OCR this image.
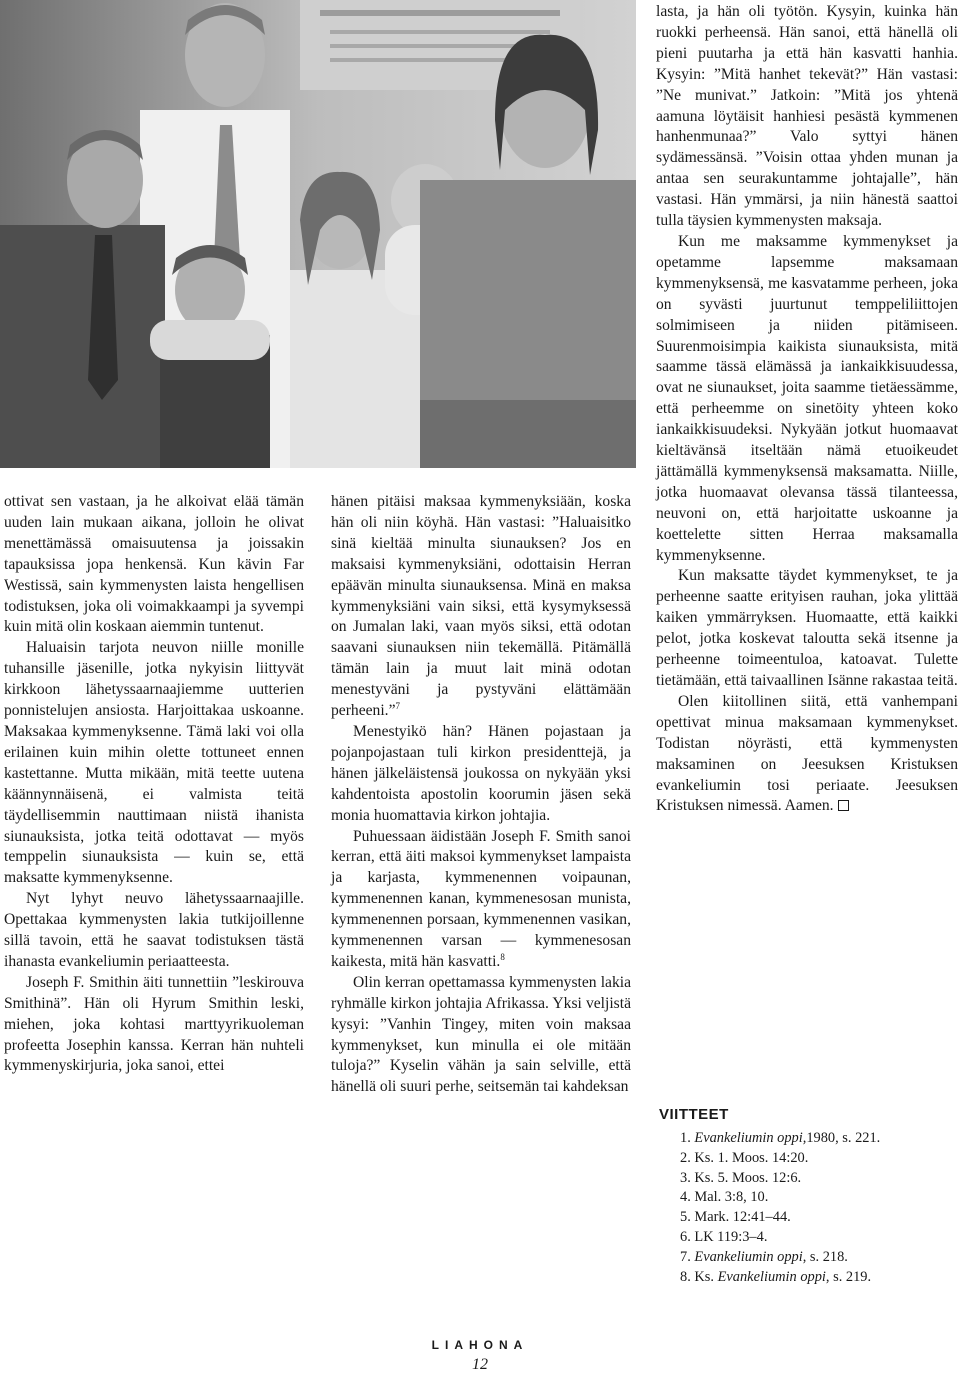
ottivat sen vastaan, ja he alkoivat elää tämän uuden lain mukaan aikana, jolloin he olivat menettämässä omaisuutensa ja joissakin tapauksissa jopa henkensä. Kun kävin Far Westissä, sain kymmenysten laista hengellisen todistuksen, joka oli voimakkaampi ja syvempi kuin mitä olin koskaan aiemmin tuntenut.

Haluaisin tarjota neuvon niille monille tuhansille jäsenille, jotka nykyisin liittyvät kirkkoon lähetyssaarnaajiemme uutterien ponnistelujen ansiosta. Harjoittakaa uskoanne. Maksakaa kymmenyksenne. Tämä laki voi olla erilainen kuin mihin olette tottuneet ennen kastettanne. Mutta mikään, mitä teette uutena käännynnäisenä, ei valmista teitä täydellisemmin nauttimaan niistä ihanista siunauksista, jotka teitä odottavat — myös temppelin siunauksista — kuin se, että maksatte kymmenyksenne.

Nyt lyhyt neuvo lähetyssaarnaajille. Opettakaa kymmenysten lakia tutkijoillenne sillä tavoin, että he saavat todistuksen tästä ihanasta evankeliumin periaatteesta.

Joseph F. Smithin äiti tunnettiin ”leskirouva Smithinä”. Hän oli Hyrum Smithin leski, miehen, joka kohtasi marttyyrikuoleman profeetta Josephin kanssa. Kerran hän nuhteli kymmenyskirjuria, joka sanoi, ettei

hänen pitäisi maksaa kymmenyksiään, koska hän oli niin köyhä. Hän vastasi: ”Haluaisitko sinä kieltää minulta siunauksen? Jos en maksaisi kymmenyksiäni, odottaisin Herran epäävän minulta siunauksensa. Minä en maksa kymmenyksiäni vain siksi, että kysymyksessä on Jumalan laki, vaan myös siksi, että odotan saavani siunauksen niin tekemällä. Pitämällä tämän lain ja muut lait minä odotan menestyväni ja pystyväni elättämään perheeni.”$^7$

Menestyikö hän? Hänen pojastaan ja pojanpojastaan tuli kirkon presidenttejä, ja hänen jälkeläistensä joukossa on nykyään yksi kahdentoista apostolin koorumin jäsen sekä monia huomattavia kirkon johtajia.

Puhuessaan äidistään Joseph F. Smith sanoi kerran, että äiti maksoi kymmenykset lampaista ja karjasta, kymmenennen voipaunan, kymmenennen kanan, kymmenesosan munista, kymmenennen porsaan, kymmenennen vasikan, kymmenennen varsan — kymmenesosan kaikesta, mitä hän kasvatti.$^8$

Olin kerran opettamassa kymmenysten lakia ryhmälle kirkon johtajia Afrikassa. Yksi veljistä kysyi: ”Vanhin Tingey, miten voin maksaa kymmenykset, kun minulla ei ole mitään tuloja?” Kyselin vähän ja sain selville, että hänellä oli suuri perhe, seitsemän tai kahdeksan

lasta, ja hän oli työtön. Kysyin, kuinka hän ruokki perheensä. Hän sanoi, että hänellä oli pieni puutarha ja että hän kasvatti hanhia. Kysyin: ”Mitä hanhet tekevät?” Hän vastasi: ”Ne munivat.” Jatkoin: ”Mitä jos yhtenä aamuna löytäisit hanhiesi pesästä kymmenen hanhenmunaa?” Valo syttyi hänen sydämessänsä. ”Voisin ottaa yhden munan ja antaa sen seurakuntamme johtajalle”, hän vastasi. Hän ymmärsi, ja niin hänestä saattoi tulla täysien kymmenysten maksaja.

Kun me maksamme kymmenykset ja opetamme lapsemme maksamaan kymmenyksensä, me kasvatamme perheen, joka on syvästi juurtunut temppeliliittojen solmimiseen ja niiden pitämiseen. Suurenmoisimpia kaikista siunauksista, mitä saamme tässä elämässä ja iankaikkisuudessa, ovat ne siunaukset, joita saamme tietäessämme, että perheemme on sinetöity yhteen koko iankaikkisuudeksi. Nykyään jotkut huomaavat kieltävänsä itseltään nämä etuoikeudet jättämällä kymmenyksensä maksamatta. Niille, jotka huomaavat olevansa tässä tilanteessa, neuvoni on, että harjoitatte uskoanne ja koettelette sitten Herraa maksamalla kymmenyksenne.

Kun maksatte täydet kymmenykset, te ja perheenne saatte erityisen rauhan, joka ylittää kaiken ymmärryksen. Huomaatte, että kaikki pelot, jotka koskevat taloutta sekä itsenne ja perheenne toimeentuloa, katoavat. Tulette tietämään, että taivaallinen Isänne rakastaa teitä.

Olen kiitollinen siitä, että vanhempani opettivat minua maksamaan kymmenykset. Todistan nöyrästi, että kymmenysten maksaminen on Jeesuksen Kristuksen evankeliumin tosi periaate. Jeesuksen Kristuksen nimessä. Aamen.

VIITTEET
1. Evankeliumin oppi,1980, s. 221.
2. Ks. 1. Moos. 14:20.
3. Ks. 5. Moos. 12:6.
4. Mal. 3:8, 10.
5. Mark. 12:41–44.
6. LK 119:3–4.
7. Evankeliumin oppi, s. 218.
8. Ks. Evankeliumin oppi, s. 219.
LIAHONA
12
